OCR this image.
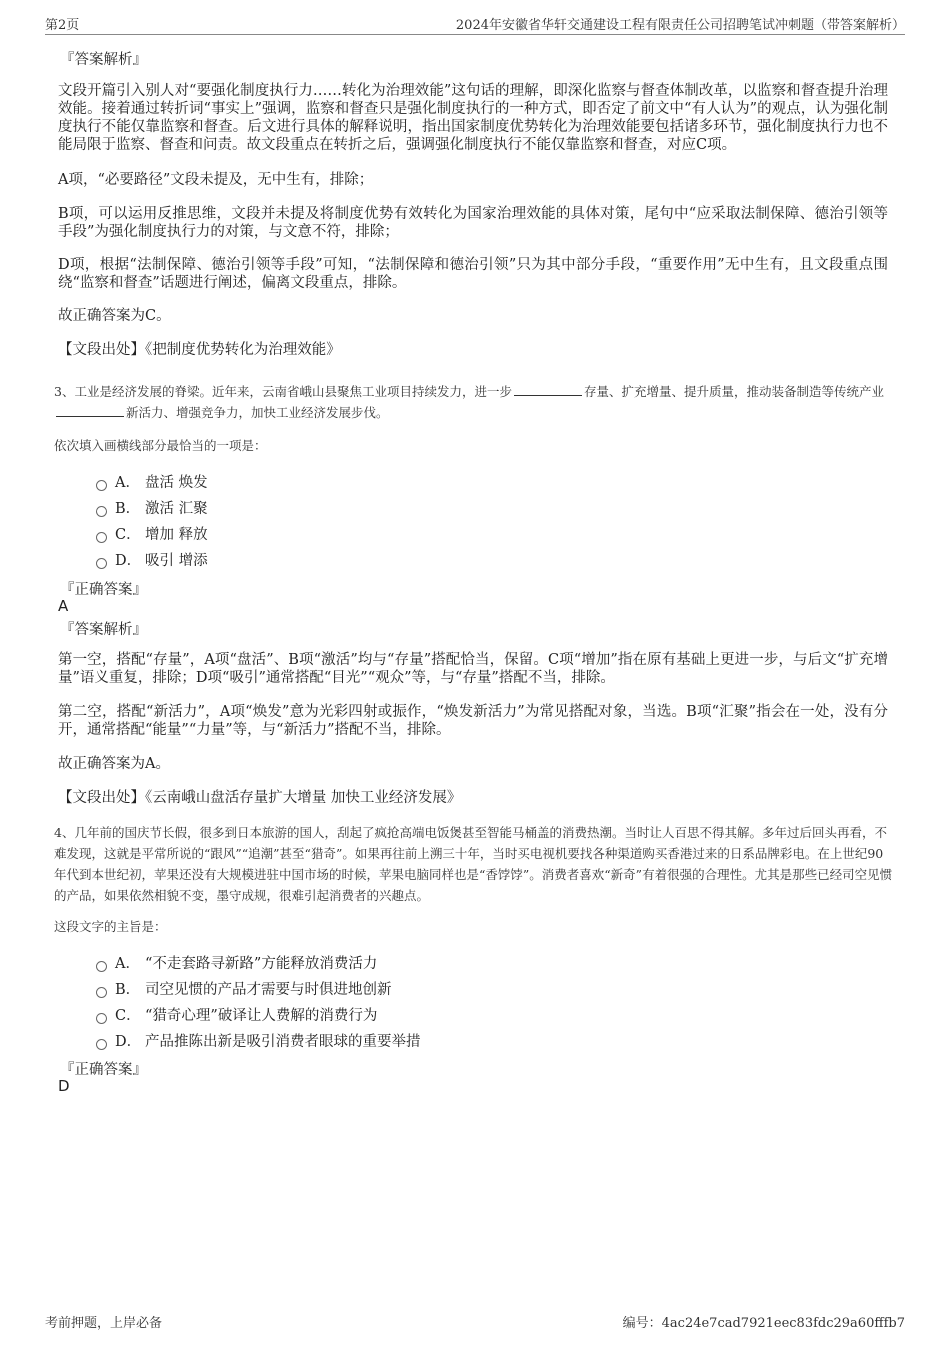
第2页	2024年安徽省华轩交通建设工程有限责任公司招聘笔试冲刺题（带答案解析）
『答案解析』
文段开篇引入别人对“要强化制度执行力……转化为治理效能”这句话的理解，即深化监察与督查体制改革，以监察和督查提升治理效能。接着通过转折词“事实上”强调，监察和督查只是强化制度执行的一种方式，即否定了前文中“有人认为”的观点，认为强化制度执行不能仅靠监察和督查。后文进行具体的解释说明，指出国家制度优势转化为治理效能要包括诸多环节，强化制度执行力也不能局限于监察、督查和问责。故文段重点在转折之后，强调强化制度执行不能仅靠监察和督查，对应C项。
A项，“必要路径”文段未提及，无中生有，排除；
B项，可以运用反推思维，文段并未提及将制度优势有效转化为国家治理效能的具体对策，尾句中“应采取法制保障、德治引领等手段”为强化制度执行力的对策，与文意不符，排除；
D项，根据“法制保障、德治引领等手段”可知，“法制保障和德治引领”只为其中部分手段，“重要作用”无中生有，且文段重点围绕“监察和督查”话题进行阐述，偏离文段重点，排除。
故正确答案为C。
【文段出处】《把制度优势转化为治理效能》
3、工业是经济发展的脊梁。近年来，云南省峨山县聚焦工业项目持续发力，进一步	存量、扩充增量、提升质量，推动装备制造等传统产业新活力、增强竞争力，加快工业经济发展步伐。
依次填入画横线部分最恰当的一项是：
A． 盘活 焕发
B． 激活 汇聚
C． 增加 释放
D． 吸引 增添
『正确答案』
A
『答案解析』
第一空，搭配“存量”，A项“盘活”、B项“激活”均与“存量”搭配恰当，保留。C项“增加”指在原有基础上更进一步，与后文“扩充增量”语义重复，排除；D项“吸引”通常搭配“目光”“观众”等，与“存量”搭配不当，排除。
第二空，搭配“新活力”，A项“焕发”意为光彩四射或振作，“焕发新活力”为常见搭配对象，当选。B项“汇聚”指会在一处，没有分开，通常搭配“能量”“力量”等，与“新活力”搭配不当，排除。
故正确答案为A。
【文段出处】《云南峨山盘活存量扩大增量 加快工业经济发展》
4、几年前的国庆节长假，很多到日本旅游的国人，刮起了疯抢高端电饭煲甚至智能马桶盖的消费热潮。当时让人百思不得其解。多年过后回头再看，不难发现，这就是平常所说的“跟风”“追潮”甚至“猎奇”。如果再往前上溯三十年，当时买电视机要找各种渠道购买香港过来的日系品牌彩电。在上世纪90年代到本世纪初，苹果还没有大规模进驻中国市场的时候，苹果电脑同样也是“香饽饽”。消费者喜欢“新奇”有着很强的合理性。尤其是那些已经司空见惯的产品，如果依然相貌不变，墨守成规，很难引起消费者的兴趣点。
这段文字的主旨是：
A． “不走套路寻新路”方能释放消费活力
B． 司空见惯的产品才需要与时俱进地创新
C． “猎奇心理”破译让人费解的消费行为
D． 产品推陈出新是吸引消费者眼球的重要举措
『正确答案』
D
考前押题，上岸必备	编号：4ac24e7cad7921eec83fdc29a60fffb7
